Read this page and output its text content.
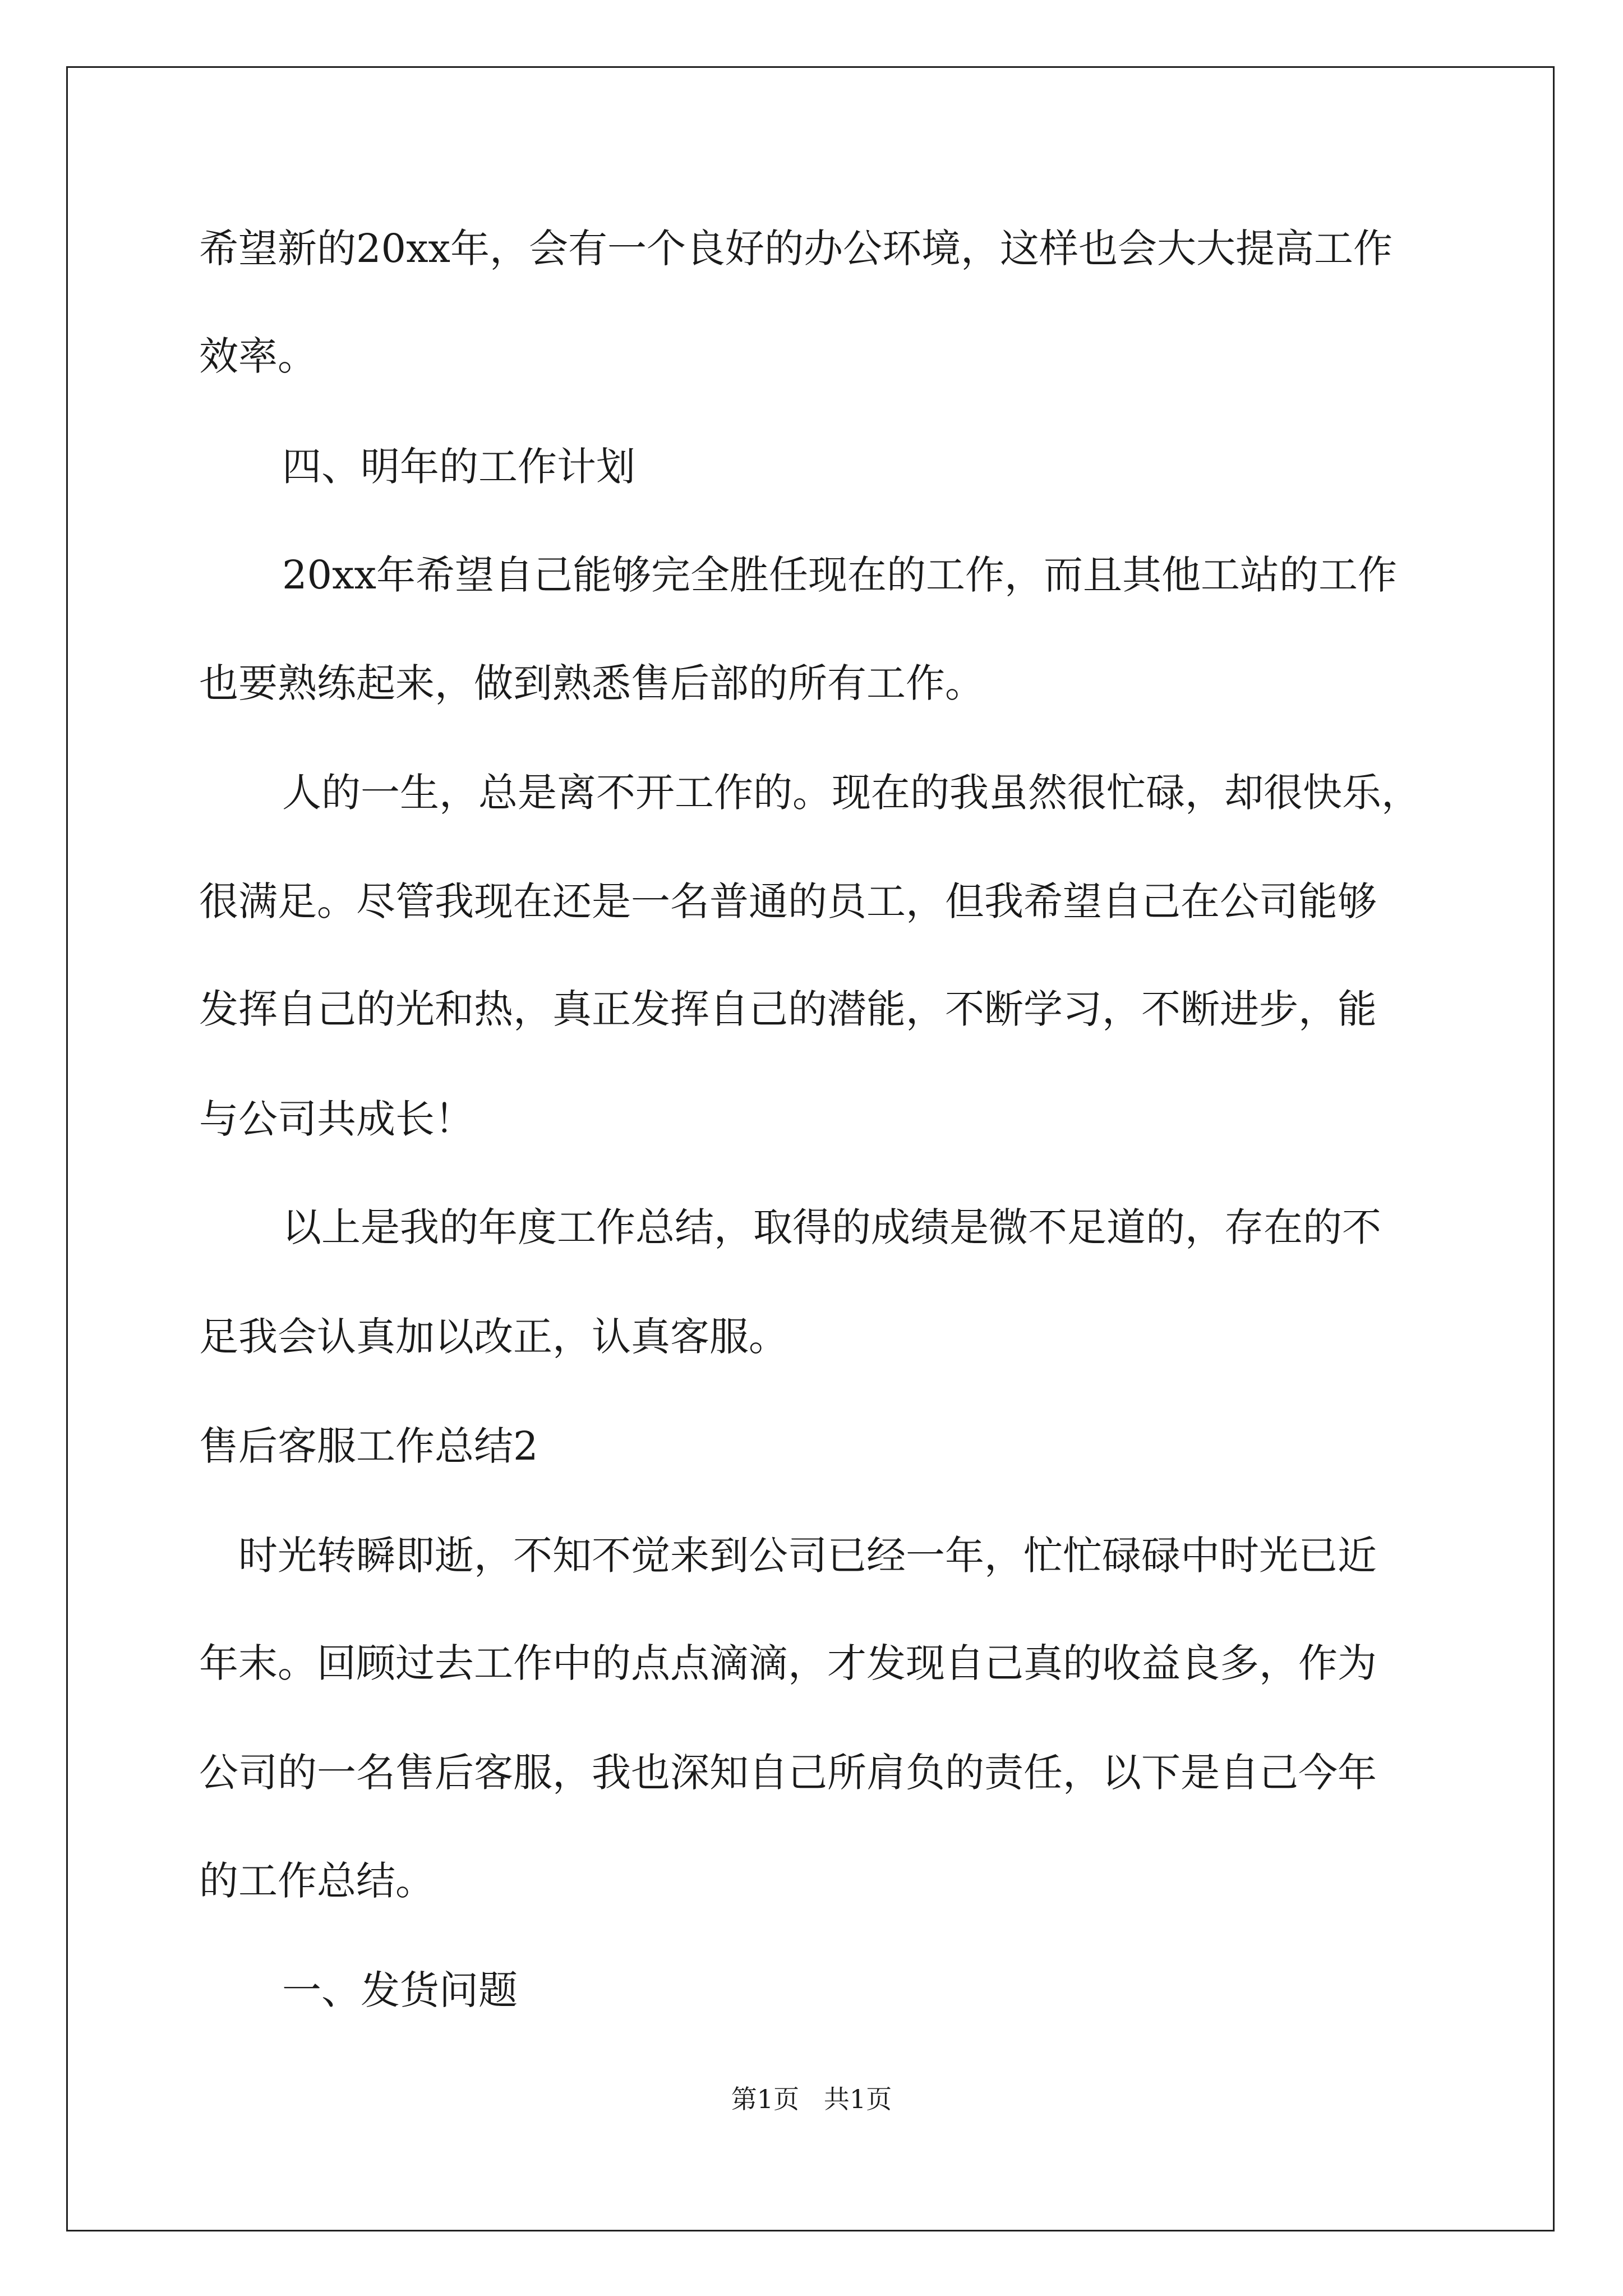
希望新的20xx年，会有一个良好的办公环境，这样也会大大提高工作
效率。
四、明年的工作计划
20xx年希望自己能够完全胜任现在的工作，而且其他工站的工作
也要熟练起来，做到熟悉售后部的所有工作。
人的一生，总是离不开工作的。现在的我虽然很忙碌，却很快乐，
很满足。尽管我现在还是一名普通的员工，但我希望自己在公司能够
发挥自己的光和热，真正发挥自己的潜能，不断学习，不断进步，能
与公司共成长！
以上是我的年度工作总结，取得的成绩是微不足道的，存在的不
足我会认真加以改正，认真客服。
售后客服工作总结2
时光转瞬即逝，不知不觉来到公司已经一年，忙忙碌碌中时光已近
年末。回顾过去工作中的点点滴滴，才发现自己真的收益良多，作为
公司的一名售后客服，我也深知自己所肩负的责任，以下是自己今年
的工作总结。
一、发货问题
第1页   共1页
